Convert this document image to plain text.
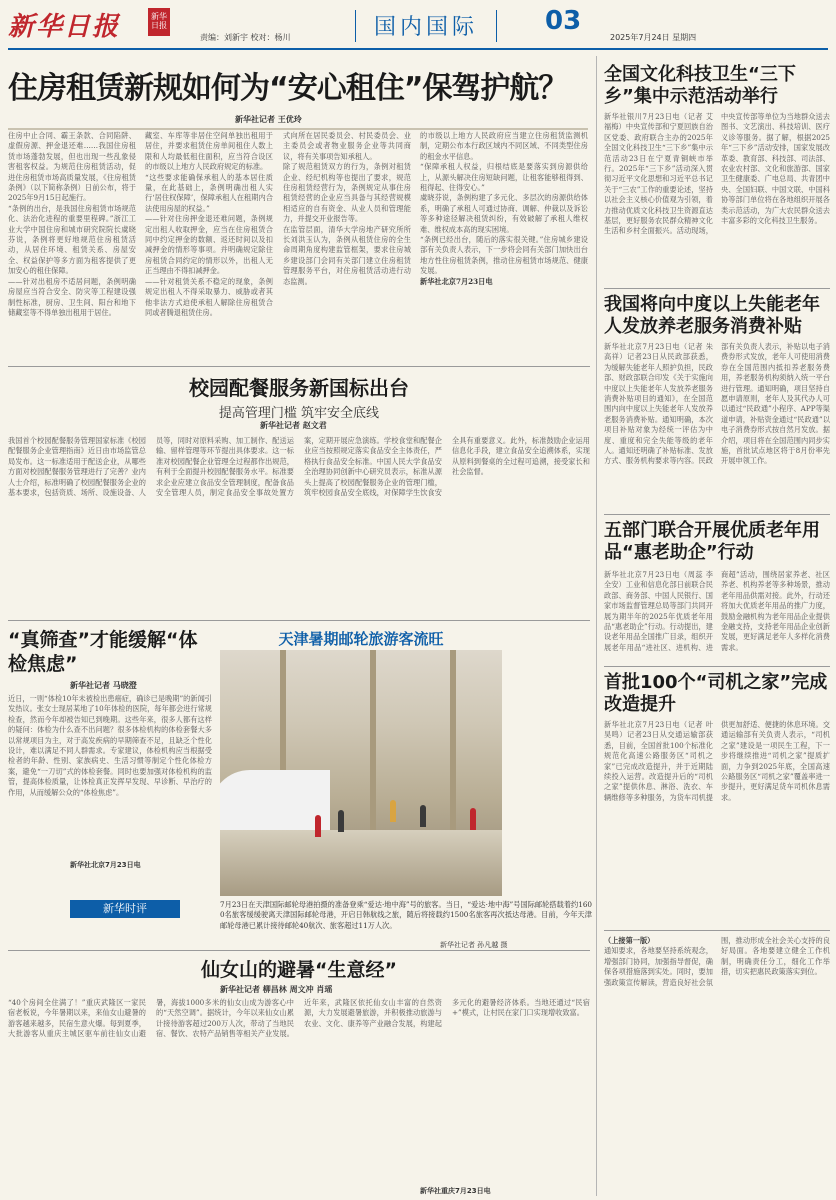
新华日报	新华日报
责编：刘新宇 校对：杨川	国内国际	03
2025年7月24日 星期四
住房租赁新规如何为“安心租住”保驾护航？
新华社记者 王优玲

住房中止合同、霸王条款、合同陷阱、虚假房源、押金退还难……我国住房租赁市场蓬勃发展，但也出现一些乱象侵害租客权益。为规范住房租赁活动，促进住房租赁市场高质量发展，《住房租赁条例》（以下简称条例）日前公布，将于2025年9月15日起施行。

“条例的出台，是我国住房租赁市场规范化、法治化进程的重要里程碑。”浙江工业大学中国住房和城市研究院院长虞晓芬说，条例将更好地规范住房租赁活动，从居住环境、租赁关系、房屋安全、权益保护等多方面为租客提供了更加安心的租住保障。

——针对出租房不适居问题，条例明确房屋应当符合安全、防灾等工程建设强制性标准，厨房、卫生间、阳台和地下储藏室等不得单独出租用于居住。

藏室、车库等非居住空间单独出租用于居住，并要求租赁住房单间租住人数上限和人均最低租住面积，应当符合设区的市级以上地方人民政府规定的标准。

“这些要求能确保承租人的基本居住质量，在此基础上，条例明确出租人实行‘居住权保障’，保障承租人在租期内合法使用房屋的权益。”

——针对住房押金退还难问题，条例规定出租人收取押金，应当在住房租赁合同中约定押金的数额、返还时间以及扣减押金的情形等事项。并明确规定除住房租赁合同约定的情形以外，出租人无正当理由不得扣减押金。

——针对租赁关系不稳定的现象，条例规定出租人不得采取暴力、威胁或者其他非法方式迫使承租人解除住房租赁合同或者腾退租赁住房。

式向所在居民委员会、村民委员会、业主委员会或者物业服务企业等共同商议，将有关事项告知承租人。

除了规范租赁双方的行为，条例对租赁企业、经纪机构等也提出了要求，规范住房租赁经营行为，条例规定从事住房租赁经营的企业应当具备与其经营规模相适应的自有资金、从业人员和管理能力，并提交开业报告等。

在监管层面，清华大学房地产研究所所长刘洪玉认为，条例从租赁住房的全生命周期角度构建监管框架，要求住房城乡建设部门会同有关部门建立住房租赁管理服务平台，对住房租赁活动进行动态监测。

的市级以上地方人民政府应当建立住房租赁监测机制，定期公布本行政区域内不同区域、不同类型住房的租金水平信息。

“保障承租人权益，归根结底是要落实到房源供给上，从源头解决住房短缺问题，让租客能够租得到、租得起、住得安心。”

虞晓芬说，条例构建了多元化、多层次的房源供给体系，明确了承租人可通过协商、调解、仲裁以及诉讼等多种途径解决租赁纠纷，有效破解了承租人维权难、维权成本高的现实困境。

“条例已经出台，随后的落实很关键。”住房城乡建设部有关负责人表示，下一步将会同有关部门加快出台地方性住房租赁条例，推动住房租赁市场规范、健康发展。

新华社北京7月23日电

全国文化科技卫生“三下乡”集中示范活动举行
新华社银川7月23日电（记者 艾福梅）中央宣传部和宁夏回族自治区党委、政府联合主办的2025年全国文化科技卫生“三下乡”集中示范活动23日在宁夏青铜峡市举行。2025年“三下乡”活动深入贯彻习近平文化思想和习近平总书记关于“三农”工作的重要论述，坚持以社会主义核心价值观为引领，着力推动优质文化科技卫生资源直达基层，更好服务农民群众精神文化生活和乡村全面振兴。活动现场，中央宣传部等单位为当地群众送去图书、文艺演出、科技培训、医疗义诊等服务。据了解，根据2025年“三下乡”活动安排，国家发展改革委、教育部、科技部、司法部、农业农村部、文化和旅游部、国家卫生健康委、广电总局、共青团中央、全国妇联、中国文联、中国科协等部门单位将在各地组织开展各类示范活动，为广大农民群众送去丰富多彩的文化科技卫生服务。
我国将向中度以上失能老年人发放养老服务消费补贴
新华社北京7月23日电（记者 朱高祥）记者23日从民政部获悉，为缓解失能老年人照护负担，民政部、财政部联合印发《关于实施向中度以上失能老年人发放养老服务消费补贴项目的通知》，在全国范围内向中度以上失能老年人发放养老服务消费补贴。通知明确，本次项目补贴对象为经统一评估为中度、重度和完全失能等级的老年人。通知还明确了补贴标准、发放方式、服务机构要求等内容。民政部有关负责人表示，补贴以电子消费券形式发放，老年人可使用消费券在全国范围内抵扣养老服务费用，养老服务机构须纳入统一平台进行管理。通知明确，项目坚持自愿申请原则，老年人及其代办人可以通过“民政通”小程序、APP等渠道申请，补贴资金通过“民政通”以电子消费券形式按自然月发放。据介绍，项目将在全国范围内同步实施，首批试点地区将于8月份率先开展申领工作。
五部门联合开展优质老年用品“惠老助企”行动
新华社北京7月23日电（周蕊 李全安）工业和信息化部日前联合民政部、商务部、中国人民银行、国家市场监督管理总局等部门共同开展为期半年的2025年优质老年用品“惠老助企”行动。行动提出，建设老年用品全国推广目录，组织开展老年用品“进社区、进机构、进商超”活动，围绕居家养老、社区养老、机构养老等多种场景，推动老年用品供需对接。此外，行动还将加大优质老年用品的推广力度，鼓励金融机构为老年用品企业提供金融支持，支持老年用品企业创新发展，更好满足老年人多样化消费需求。
首批100个“司机之家”完成改造提升
新华社北京7月23日电（记者 叶昊鸣）记者23日从交通运输部获悉，目前，全国首批100个标准化规范化高速公路服务区“司机之家”已完成改造提升，并于近期陆续投入运营。改造提升后的“司机之家”提供休息、淋浴、洗衣、车辆维修等多种服务，为货车司机提供更加舒适、便捷的休息环境。交通运输部有关负责人表示，“司机之家”建设是一项民生工程，下一步将继续推进“司机之家”提质扩面，力争到2025年底，全国高速公路服务区“司机之家”覆盖率进一步提升，更好满足货车司机休息需求。

（上接第一版）

通知要求，各地要坚持系统观念，增强部门协同，加强指导督促，确保各项措施落到实处。同时，要加强政策宣传解读，营造良好社会氛围，推动形成全社会关心支持的良好局面。各地要建立健全工作机制，明确责任分工，细化工作举措，切实把惠民政策落实到位。

校园配餐服务新国标出台
提高管理门槛 筑牢安全底线
新华社记者 赵文君
我国首个校园配餐服务管理国家标准《校园配餐服务企业管理指南》近日由市场监管总局发布。这一标准适用于配送企业，从哪些方面对校园配餐服务管理进行了完善？业内人士介绍，标准明确了校园配餐服务企业的基本要求，包括资质、场所、设施设备、人员等，同时对原料采购、加工制作、配送运输、留样管理等环节提出具体要求。这一标准对校园配餐企业管理全过程都作出规范，有利于全面提升校园配餐服务水平。标准要求企业应建立食品安全管理制度，配备食品安全管理人员，制定食品安全事故处置方案，定期开展应急演练。学校食堂和配餐企业应当按照规定落实食品安全主体责任，严格执行食品安全标准。中国人民大学食品安全治理协同创新中心研究员表示，标准从源头上提高了校园配餐服务企业的管理门槛，筑牢校园食品安全底线，对保障学生饮食安全具有重要意义。此外，标准鼓励企业运用信息化手段，建立食品安全追溯体系，实现从原料到餐桌的全过程可追溯，接受家长和社会监督。
“真筛查”才能缓解“体检焦虑”
新华社记者 马晓澄
近日，一则“体检10年未被检出患癌症，确诊已是晚期”的新闻引发热议。张女士现居某地了10年体检的医院，每年都会进行常规检查，然而今年却被告知已到晚期。这些年来，很多人都有这样的疑问：体检为什么查不出问题？很多体检机构的体检套餐大多以常规项目为主，对于高发疾病的早期筛查不足，且缺乏个性化设计，难以满足不同人群需求。专家建议，体检机构应当根据受检者的年龄、性别、家族病史、生活习惯等制定个性化体检方案，避免“一刀切”式的体检套餐。同时也要加强对体检机构的监管，提高体检质量，让体检真正发挥早发现、早诊断、早治疗的作用，从而缓解公众的“体检焦虑”。
新华社北京7月23日电
新华时评
天津暑期邮轮旅游客流旺
7月23日在天津国际邮轮母港拍摄的准备登乘“爱达·地中海”号的旅客。当日，“爱达·地中海”号国际邮轮搭载着约1600名旅客缓缓驶离天津国际邮轮母港，开启日韩航线之旅，随后将接载约1500名旅客再次抵达母港。目前，今年天津邮轮母港已累计接待邮轮40航次、旅客超过11万人次。
新华社记者 孙凡越 摄
仙女山的避暑“生意经”
新华社记者 柳昌林 周文冲 肖瑶
“40个房间全住满了！”重庆武隆区一家民宿老板说，今年暑期以来，来仙女山避暑的游客越来越多，民宿生意火爆。每到夏季，大批游客从重庆主城区驱车前往仙女山避暑，海拔1000多米的仙女山成为游客心中的“天然空调”。据统计，今年以来仙女山累计接待游客超过200万人次，带动了当地民宿、餐饮、农特产品销售等相关产业发展。近年来，武隆区依托仙女山丰富的自然资源，大力发展避暑旅游，并积极推动旅游与农业、文化、康养等产业融合发展，构建起多元化的避暑经济体系。当地还通过“民宿+”模式，让村民在家门口实现增收致富。
新华社重庆7月23日电
